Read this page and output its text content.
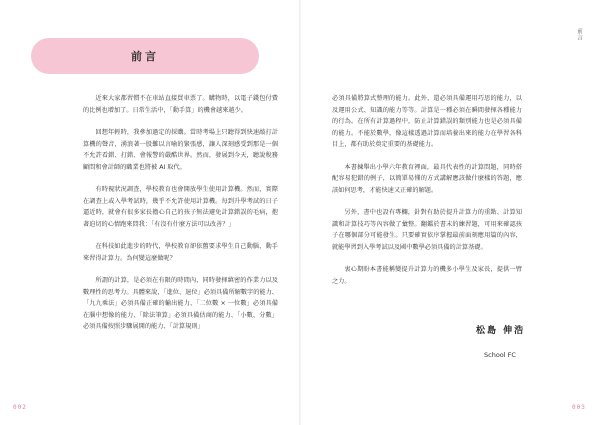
前言

近來大家都習慣不在車站直接買車票了。購物時，以電子錢包付費的比例也增加了。日常生活中，「動手算」的機會越來越少。

回想年輕時，我參加過定的採購。當時考場上只聽得到快速敲打計算機的聲音，湧浪著一股難以言喻的緊張感，讓人深刻感受到那是一個不允許看錯、打錯、會報警的嚴酷世界。然而，發展到今天，聽說稅務顧問和會計師的職業也將被 AI 取代。

有時視狀況調查，學校教育也會開放學生使用計算機。然而，實際在調查上或入學考試時，幾乎不允許使用計算機。每到升學考試的日子逼近時，就會有很多家長擔心自己的孩子無法避免計算錯誤的毛病，抱著迫切的心情跑來問我：「有沒有什麼方法可以改善？」

在科技如此進步的時代，學校教育卻依舊要求學生自己動腦、動手來習得計算力。為何變這麼做呢？

所謂的計算，是必須在有限的時間內，同時發揮縝密的作業力以及數理性的思考力。具體來說，「進位、退位」必須具備所解數字的能力、「九九乘法」必須具備正確的輸出能力、「二位數 × 一位數」必須具備在腦中想像的能力、「除法筆算」必須具備估商的能力、「小數、分數」必須具備按照步驟展開的能力、「計算規則」

002
前言

必須具備將算式整理的能力。此外，還必須具備運用巧思的能力，以及運用公式、知識的能力等等。計算是一種必須在瞬間發揮各種能力的行為。在所有計算過程中，防止計算錯誤的類別能力也是必須具備的能力。不能於數學，像這樣透過計算而培養出來的能力在學習各科目上，都有助於奠定重要的基礎能力。

本書揀舉出小學六年教育裡面，最具代表性的計算問題，同時搭配容易犯錯的例子，以簡單易懂的方式講解應該做什麼樣的答題，應該如何思考，才能快速又正確的解題。

另外，書中也設有專欄，針對有助於提升計算力的重點、計算知識和計算技巧等內容做了彙整。翻鑑於書末的練習題，可用來確認孩子在哪個部分可能發生。只要確實依序掌握最前面刻應用篇的內容，就能學習到入學考試以及國中數學必須具備的計算基礎。

衷心期盼本書能稱變提升計算力的機多小學生及家長，提供一臂之力。

松島 伸浩
School FC
003
